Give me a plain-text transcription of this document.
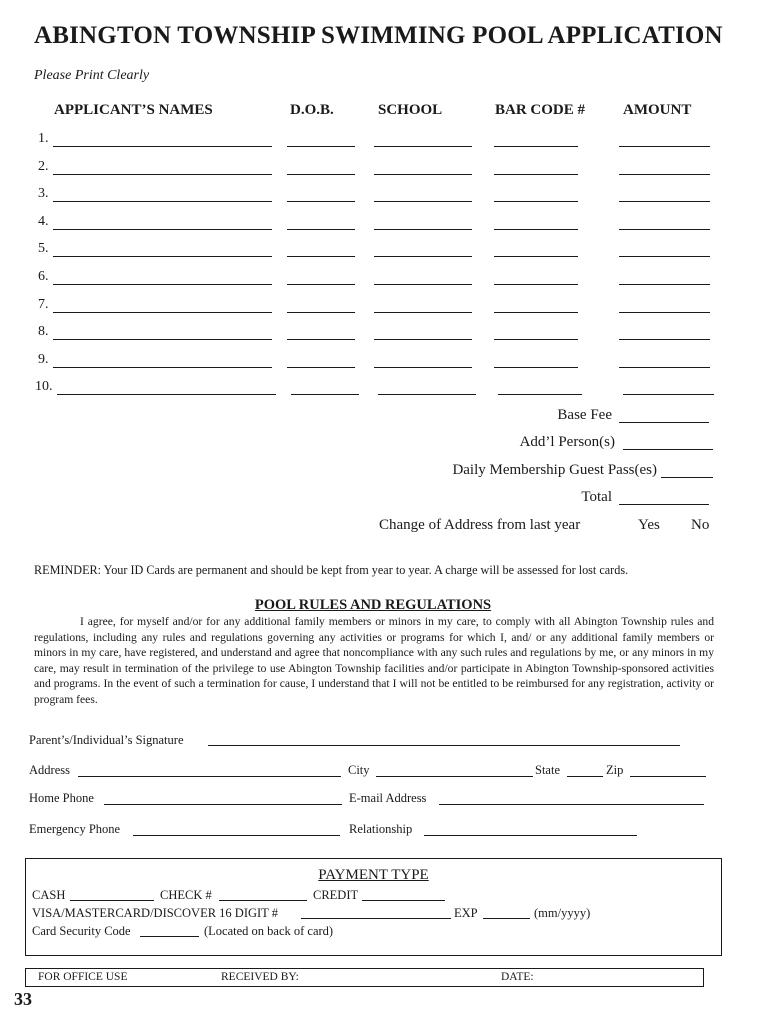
ABINGTON TOWNSHIP SWIMMING POOL APPLICATION
Please Print Clearly
APPLICANT’S NAMES	D.O.B.	SCHOOL	BAR CODE #	AMOUNT
1.
2.
3.
4.
5.
6.
7.
8.
9.
10.
Base Fee
Add’l Person(s)
Daily Membership Guest Pass(es)
Total
Change of Address from last year	Yes No
REMINDER: Your ID Cards are permanent and should be kept from year to year. A charge will be assessed for lost cards.
POOL RULES AND REGULATIONS
I agree, for myself and/or for any additional family members or minors in my care, to comply with all Abington Township rules and regulations, including any rules and regulations governing any activities or programs for which I, and/ or any additional family members or minors in my care, have registered, and understand and agree that noncompliance with any such rules and regulations by me, or any minors in my care, may result in termination of the privilege to use Abington Township facilities and/or participate in Abington Township-sponsored activities and programs. In the event of such a termination for cause, I understand that I will not be entitled to be reimbursed for any registration, activity or program fees.
Parent’s/Individual’s Signature
Address	City	State	Zip
Home Phone	E-mail Address
Emergency Phone	Relationship
PAYMENT TYPE
CASH	CHECK #	CREDIT
VISA/MASTERCARD/DISCOVER 16 DIGIT #	EXP	(mm/yyyy)
Card Security Code	(Located on back of card)
FOR OFFICE USE	RECEIVED BY:	DATE:
33
